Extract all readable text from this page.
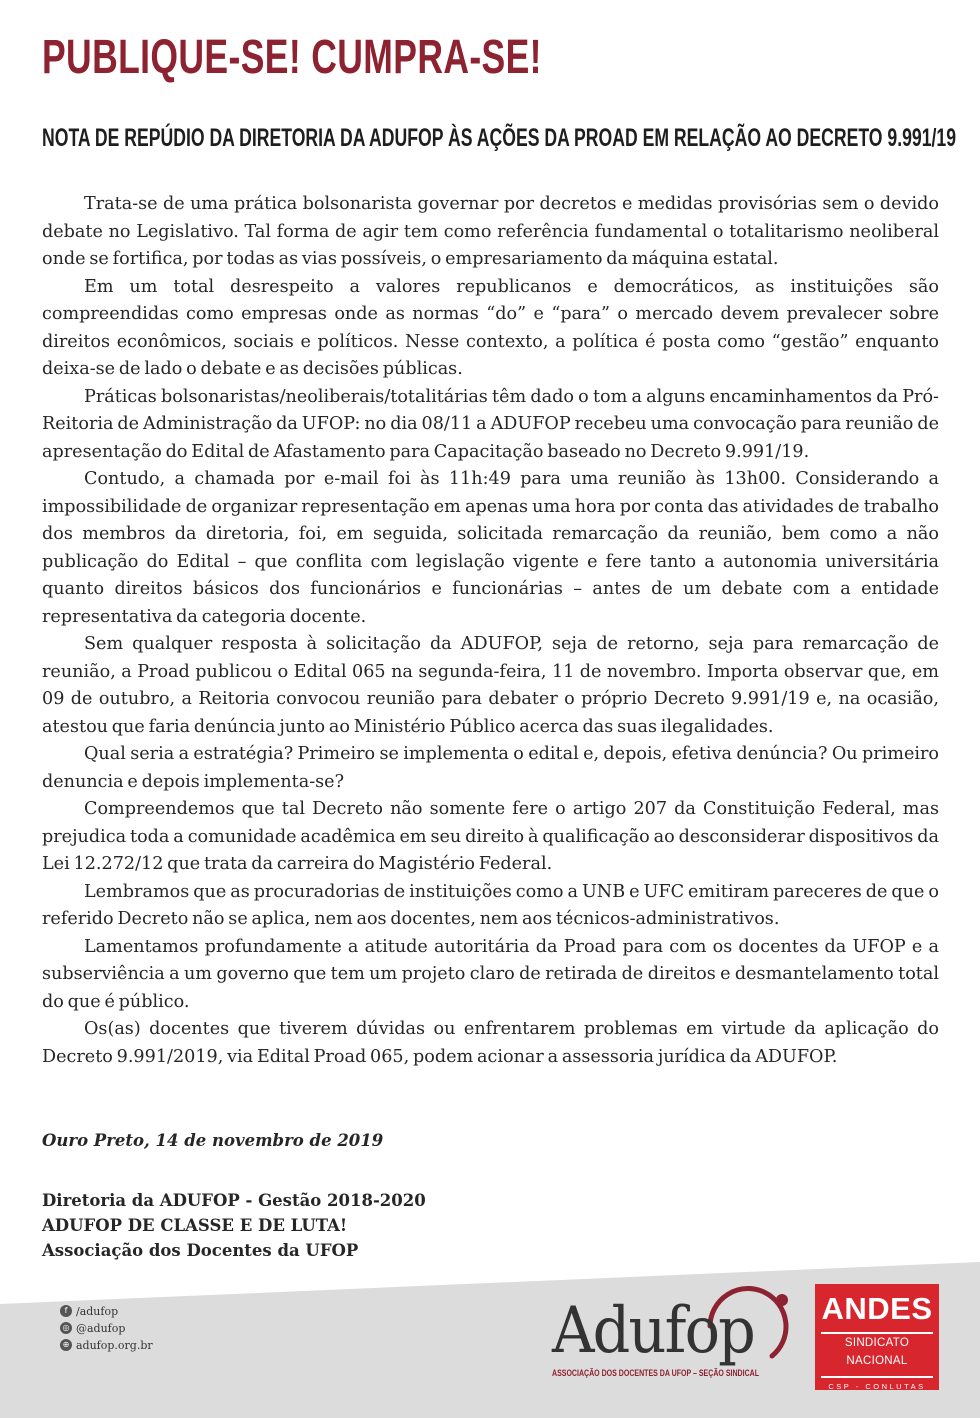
PUBLIQUE-SE! CUMPRA-SE!
NOTA DE REPÚDIO DA DIRETORIA DA ADUFOP ÀS AÇÕES DA PROAD EM RELAÇÃO AO DECRETO 9.991/19

Trata-se de uma prática bolsonarista governar por decretos e medidas provisórias sem o devido debate no Legislativo. Tal forma de agir tem como referência fundamental o totalitarismo neoliberal onde se fortifica, por todas as vias possíveis, o empresariamento da máquina estatal.

Em um total desrespeito a valores republicanos e democráticos, as instituições são compreendidas como empresas onde as normas “do” e “para” o mercado devem prevalecer sobre direitos econômicos, sociais e políticos. Nesse contexto, a política é posta como “gestão” enquanto deixa-se de lado o debate e as decisões públicas.

Práticas bolsonaristas/neoliberais/totalitárias têm dado o tom a alguns encaminhamentos da Pró-Reitoria de Administração da UFOP: no dia 08/11 a ADUFOP recebeu uma convocação para reunião de apresentação do Edital de Afastamento para Capacitação baseado no Decreto 9.991/19.

Contudo, a chamada por e-mail foi às 11h:49 para uma reunião às 13h00. Considerando a impossibilidade de organizar representação em apenas uma hora por conta das atividades de trabalho dos membros da diretoria, foi, em seguida, solicitada remarcação da reunião, bem como a não publicação do Edital – que conflita com legislação vigente e fere tanto a autonomia universitária quanto direitos básicos dos funcionários e funcionárias – antes de um debate com a entidade representativa da categoria docente.

Sem qualquer resposta à solicitação da ADUFOP, seja de retorno, seja para remarcação de reunião, a Proad publicou o Edital 065 na segunda-feira, 11 de novembro. Importa observar que, em 09 de outubro, a Reitoria convocou reunião para debater o próprio Decreto 9.991/19 e, na ocasião, atestou que faria denúncia junto ao Ministério Público acerca das suas ilegalidades.

Qual seria a estratégia? Primeiro se implementa o edital e, depois, efetiva denúncia? Ou primeiro denuncia e depois implementa-se?

Compreendemos que tal Decreto não somente fere o artigo 207 da Constituição Federal, mas prejudica toda a comunidade acadêmica em seu direito à qualificação ao desconsiderar dispositivos da Lei 12.272/12 que trata da carreira do Magistério Federal.

Lembramos que as procuradorias de instituições como a UNB e UFC emitiram pareceres de que o referido Decreto não se aplica, nem aos docentes, nem aos técnicos-administrativos.

Lamentamos profundamente a atitude autoritária da Proad para com os docentes da UFOP e a subserviência a um governo que tem um projeto claro de retirada de direitos e desmantelamento total do que é público.

Os(as) docentes que tiverem dúvidas ou enfrentarem problemas em virtude da aplicação do Decreto 9.991/2019, via Edital Proad 065, podem acionar a assessoria jurídica da ADUFOP.

Ouro Preto, 14 de novembro de 2019
Diretoria da ADUFOP - Gestão 2018-2020
ADUFOP DE CLASSE E DE LUTA!
Associação dos Docentes da UFOP
f /adufop
◎ @adufop
⊕ adufop.org.br	Adufop
ASSOCIAÇÃO DOS DOCENTES DA UFOP – SEÇÃO SINDICAL
ANDES
SINDICATO NACIONAL
CSP - CONLUTAS
